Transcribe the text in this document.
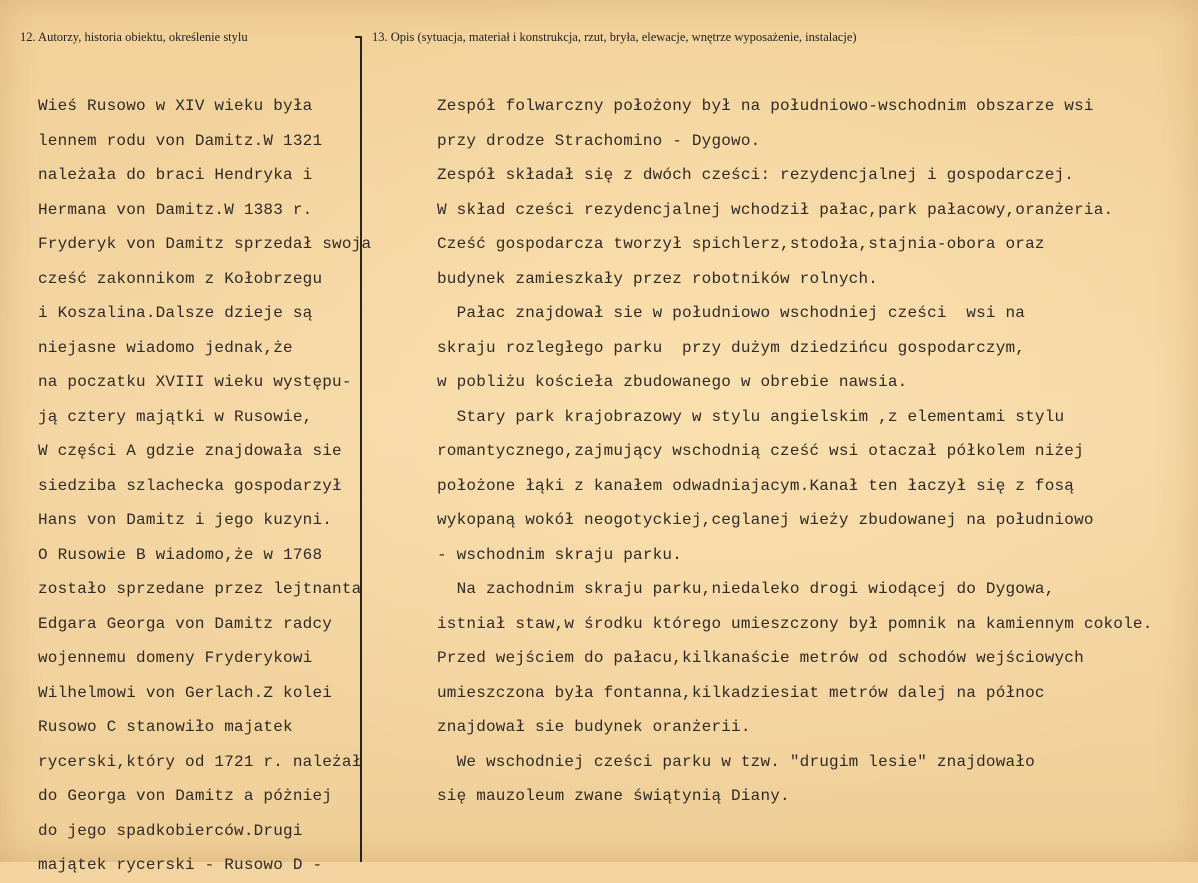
12. Autorzy, historia obiektu, określenie stylu	13. Opis (sytuacja, materiał i konstrukcja, rzut, bryła, elewacje, wnętrze wyposażenie, instalacje)
Wieś Rusowo w XIV wieku była
lennem rodu von Damitz.W 1321
należała do braci Hendryka i
Hermana von Damitz.W 1383 r.
Fryderyk von Damitz sprzedał swoja
cześć zakonnikom z Kołobrzegu
i Koszalina.Dalsze dzieje są
niejasne wiadomo jednak,że
na poczatku XVIII wieku występu-
ją cztery majątki w Rusowie,
W części A gdzie znajdowała sie
siedziba szlachecka gospodarzył
Hans von Damitz i jego kuzyni.
O Rusowie B wiadomo,że w 1768
zostało sprzedane przez lejtnanta
Edgara Georga von Damitz radcy
wojennemu domeny Fryderykowi
Wilhelmowi von Gerlach.Z kolei
Rusowo C stanowiło majatek
rycerski,który od 1721 r. należał
do Georga von Damitz a póżniej
do jego spadkobierców.Drugi
majątek rycerski - Rusowo D -
Zespół folwarczny położony był na południowo-wschodnim obszarze wsi
przy drodze Strachomino - Dygowo.
Zespół składał się z dwóch cześci: rezydencjalnej i gospodarczej.
W skład cześci rezydencjalnej wchodził pałac,park pałacowy,oranżeria.
Cześć gospodarcza tworzył spichlerz,stodoła,stajnia-obora oraz
budynek zamieszkały przez robotników rolnych.
Pałac znajdował sie w południowo wschodniej cześci  wsi na
skraju rozległego parku  przy dużym dziedzińcu gospodarczym,
w pobliżu kościeła zbudowanego w obrebie nawsia.
Stary park krajobrazowy w stylu angielskim ,z elementami stylu
romantycznego,zajmujący wschodnią cześć wsi otaczał półkolem niżej
położone łąki z kanałem odwadniajacym.Kanał ten łaczył się z fosą
wykopaną wokół neogotyckiej,ceglanej wieży zbudowanej na południowo
- wschodnim skraju parku.
Na zachodnim skraju parku,niedaleko drogi wiodącej do Dygowa,
istniał staw,w środku którego umieszczony był pomnik na kamiennym cokole.
Przed wejściem do pałacu,kilkanaście metrów od schodów wejściowych
umieszczona była fontanna,kilkadziesiat metrów dalej na północ
znajdował sie budynek oranżerii.
We wschodniej cześci parku w tzw. "drugim lesie" znajdowało
się mauzoleum zwane świątynią Diany.
